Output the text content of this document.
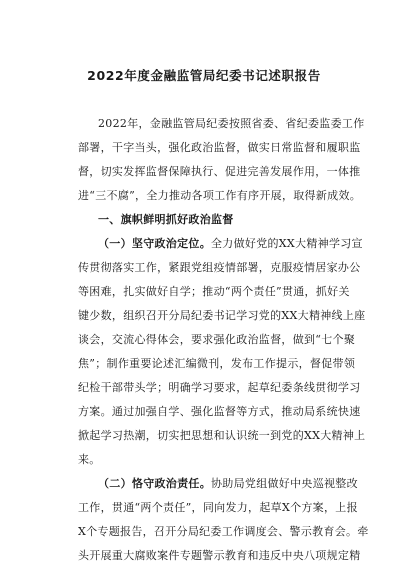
2022年度金融监管局纪委书记述职报告
2022年，金融监管局纪委按照省委、省纪委监委工作
部署，干字当头，强化政治监督，做实日常监督和履职监
督，切实发挥监督保障执行、促进完善发展作用，一体推
进“三不腐”，全力推动各项工作有序开展，取得新成效。
一、旗帜鲜明抓好政治监督
（一）坚守政治定位。全力做好党的XX大精神学习宣
传贯彻落实工作，紧跟党组疫情部署，克服疫情居家办公
等困难，扎实做好自学；推动“两个责任”贯通，抓好关
键少数，组织召开分局纪委书记学习党的XX大精神线上座
谈会，交流心得体会，要求强化政治监督，做到“七个聚
焦”；制作重要论述汇编微刊，发布工作提示，督促带领
纪检干部带头学；明确学习要求，起草纪委条线贯彻学习
方案。通过加强自学、强化监督等方式，推动局系统快速
掀起学习热潮，切实把思想和认识统一到党的XX大精神上
来。
（二）恪守政治责任。协助局党组做好中央巡视整改
工作，贯通“两个责任”，同向发力，起草X个方案，上报
X个专题报告，召开分局纪委工作调度会、警示教育会。牵
头开展重大腐败案件专题警示教育和违反中央八项规定精
